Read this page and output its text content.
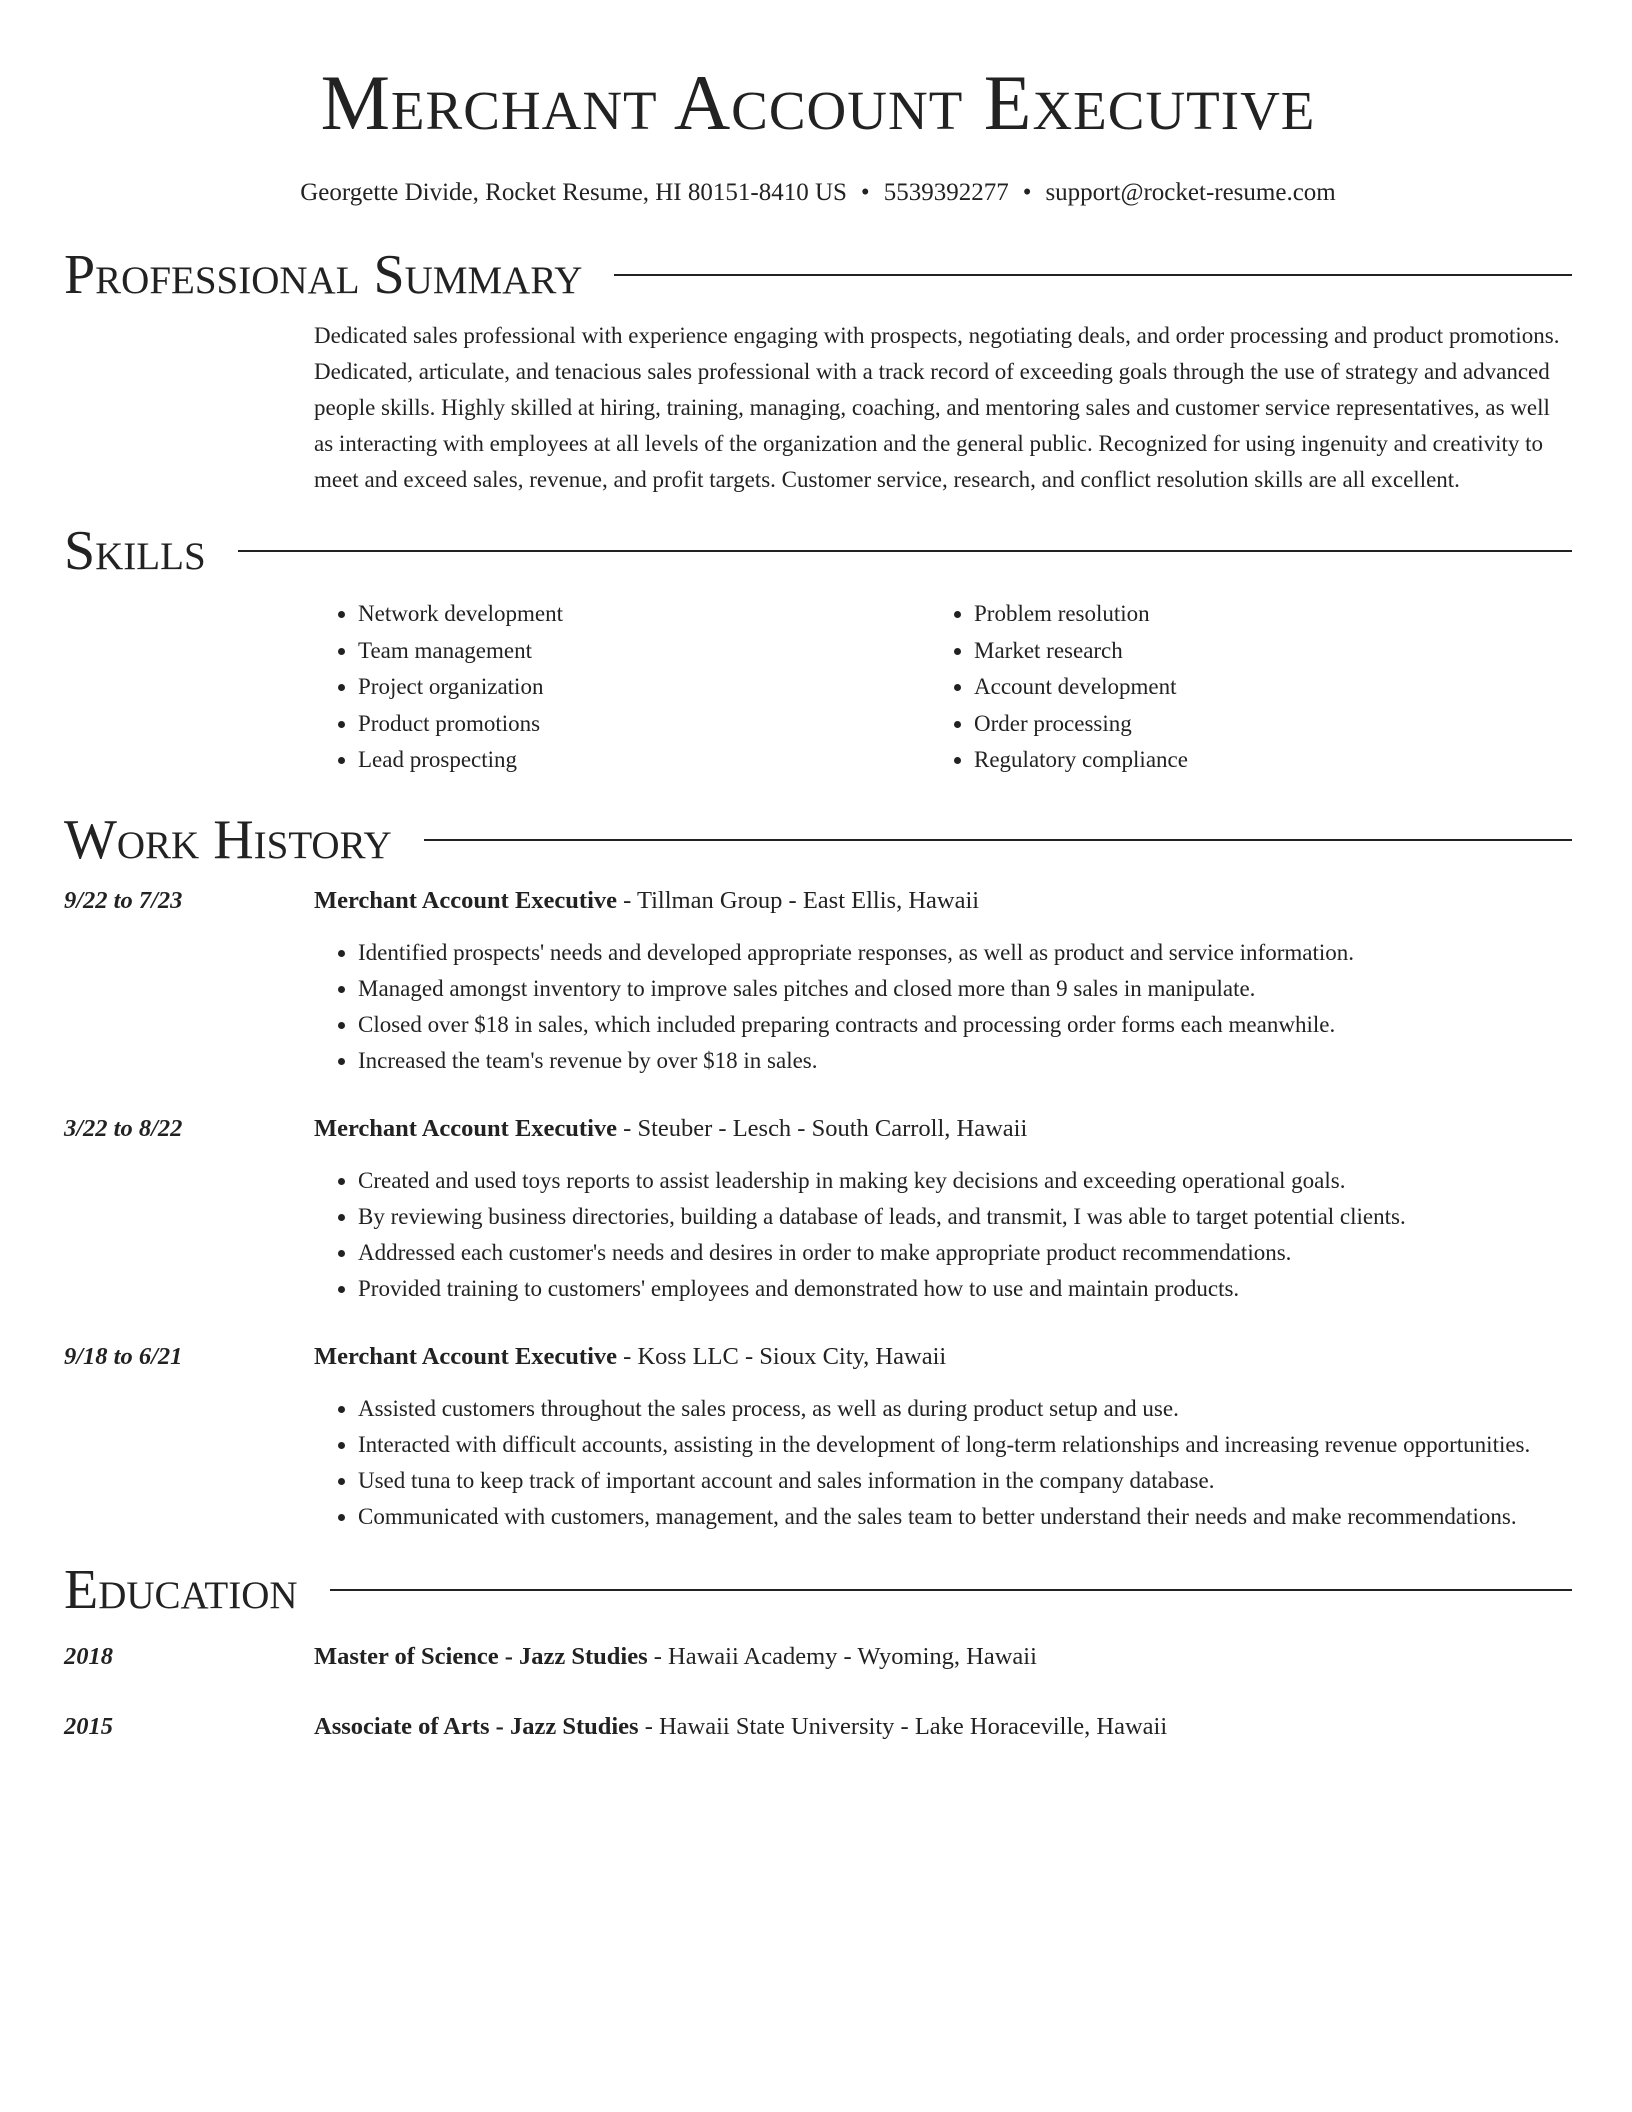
Merchant Account Executive
Georgette Divide, Rocket Resume, HI 80151-8410 US • 5539392277 • support@rocket-resume.com
Professional Summary

Dedicated sales professional with experience engaging with prospects, negotiating deals, and order processing and product promotions. Dedicated, articulate, and tenacious sales professional with a track record of exceeding goals through the use of strategy and advanced people skills. Highly skilled at hiring, training, managing, coaching, and mentoring sales and customer service representatives, as well as interacting with employees at all levels of the organization and the general public. Recognized for using ingenuity and creativity to meet and exceed sales, revenue, and profit targets. Customer service, research, and conflict resolution skills are all excellent.

Skills
• Network development
• Team management
• Project organization
• Product promotions
• Lead prospecting
• Problem resolution
• Market research
• Account development
• Order processing
• Regulatory compliance
Work History
9/22 to 7/23	Merchant Account Executive - Tillman Group - East Ellis, Hawaii
• Identified prospects' needs and developed appropriate responses, as well as product and service information.
• Managed amongst inventory to improve sales pitches and closed more than 9 sales in manipulate.
• Closed over $18 in sales, which included preparing contracts and processing order forms each meanwhile.
• Increased the team's revenue by over $18 in sales.
3/22 to 8/22	Merchant Account Executive - Steuber - Lesch - South Carroll, Hawaii
• Created and used toys reports to assist leadership in making key decisions and exceeding operational goals.
• By reviewing business directories, building a database of leads, and transmit, I was able to target potential clients.
• Addressed each customer's needs and desires in order to make appropriate product recommendations.
• Provided training to customers' employees and demonstrated how to use and maintain products.
9/18 to 6/21	Merchant Account Executive - Koss LLC - Sioux City, Hawaii
• Assisted customers throughout the sales process, as well as during product setup and use.
• Interacted with difficult accounts, assisting in the development of long-term relationships and increasing revenue opportunities.
• Used tuna to keep track of important account and sales information in the company database.
• Communicated with customers, management, and the sales team to better understand their needs and make recommendations.
Education
2018	Master of Science - Jazz Studies - Hawaii Academy - Wyoming, Hawaii
2015	Associate of Arts - Jazz Studies - Hawaii State University - Lake Horaceville, Hawaii
